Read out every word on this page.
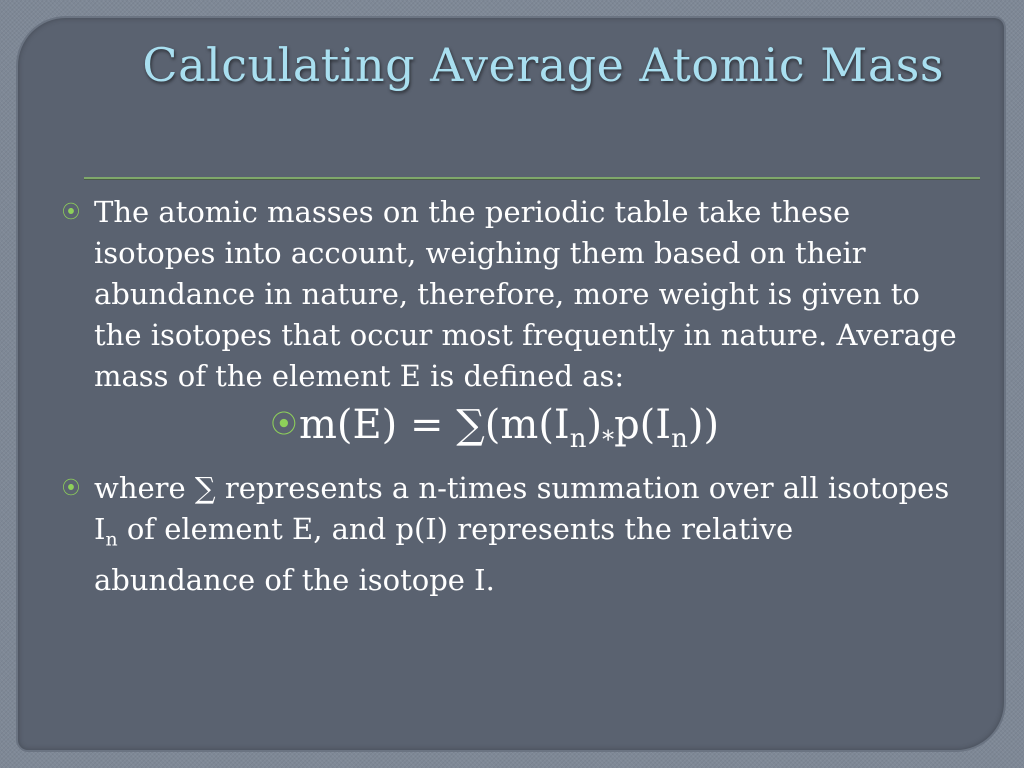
Calculating Average Atomic Mass

⦿ The atomic masses on the periodic table take these isotopes into account, weighing them based on their abundance in nature, therefore, more weight is given to the isotopes that occur most frequently in nature. Average mass of the element E is defined as:

$^⦿m(E) = \sum(m(I_n)_*p(I_n))$

⦿ where ∑ represents a n-times summation over all isotopes $I_n$ of element E, and p(I) represents the relative abundance of the isotope I.
